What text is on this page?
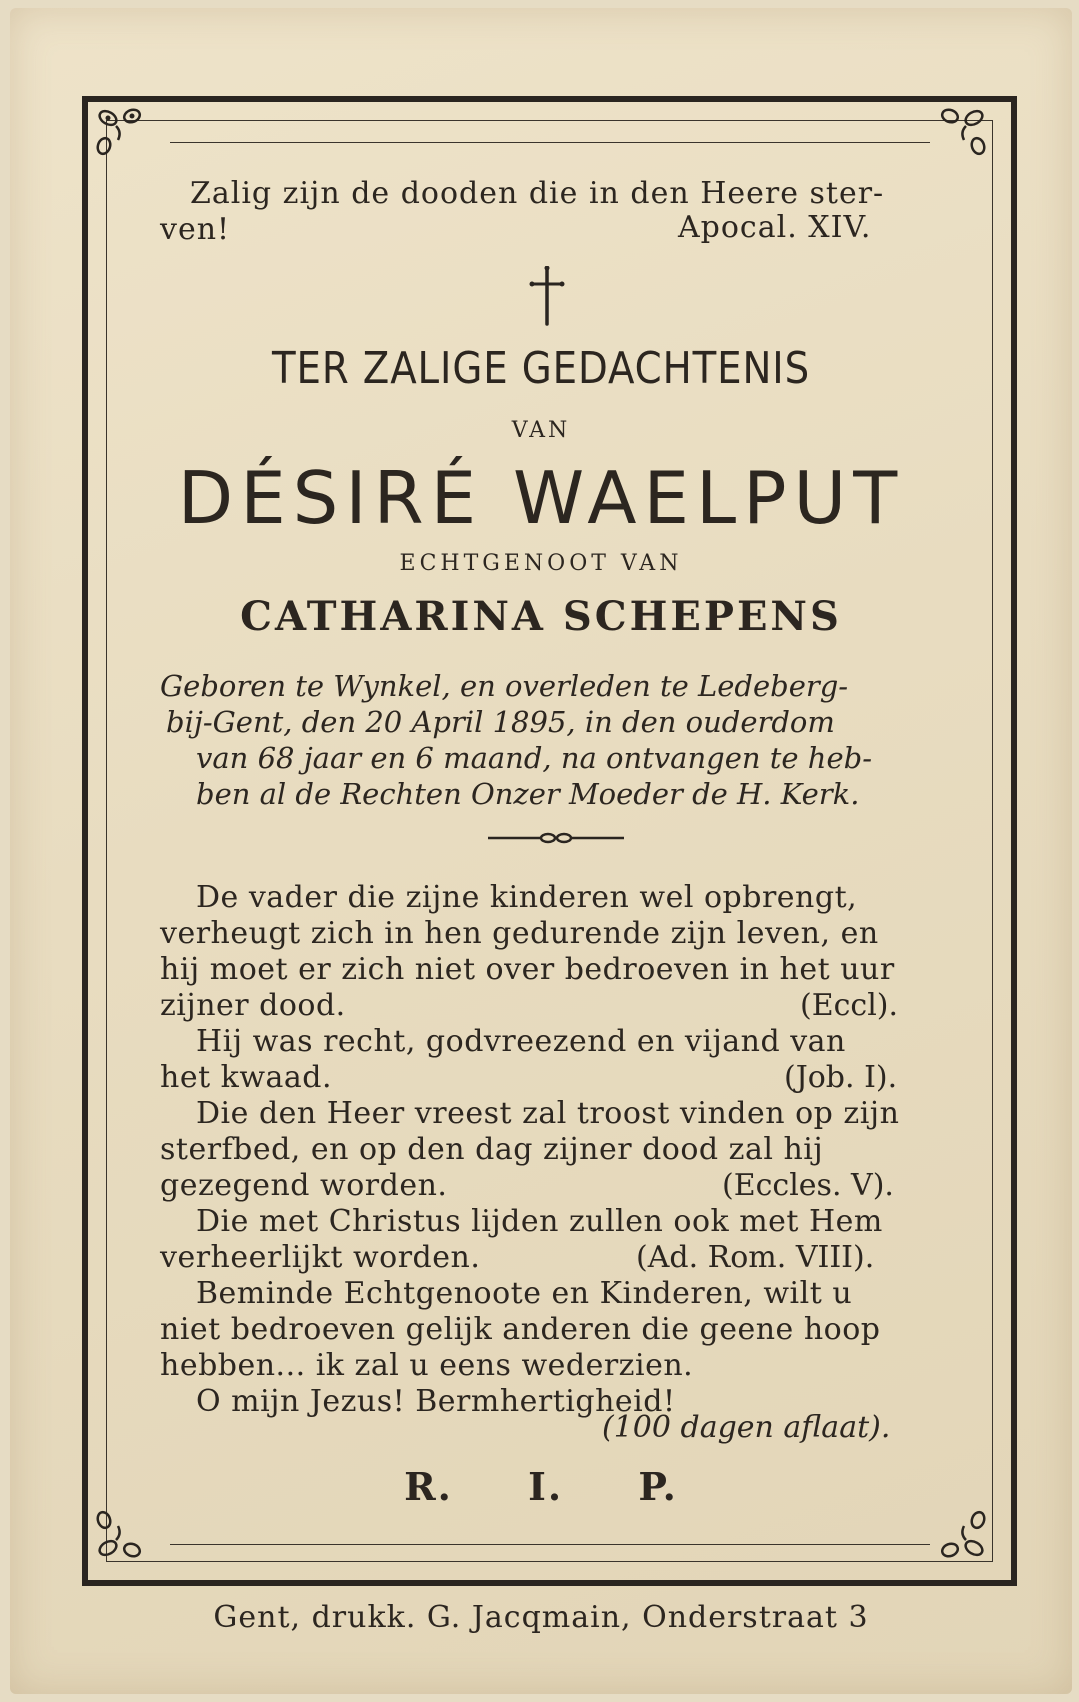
Zalig zijn de dooden die in den Heere ster-
ven!	Apocal. XIV.
TER ZALIGE GEDACHTENIS
VAN
DÉSIRÉ WAELPUT
ECHTGENOOT VAN
CATHARINA SCHEPENS
Geboren te Wynkel, en overleden te Ledeberg-
bij-Gent, den 20 April 1895, in den ouderdom
van 68 jaar en 6 maand, na ontvangen te heb-
ben al de Rechten Onzer Moeder de H. Kerk.
De vader die zijne kinderen wel opbrengt,
verheugt zich in hen gedurende zijn leven, en
hij moet er zich niet over bedroeven in het uur
zijner dood.	(Eccl).
Hij was recht, godvreezend en vijand van
het kwaad.	(Job. I).
Die den Heer vreest zal troost vinden op zijn
sterfbed, en op den dag zijner dood zal hij
gezegend worden.	(Eccles. V).
Die met Christus lijden zullen ook met Hem
verheerlijkt worden.	(Ad. Rom. VIII).
Beminde Echtgenoote en Kinderen, wilt u
niet bedroeven gelijk anderen die geene hoop
hebben... ik zal u eens wederzien.
O mijn Jezus! Bermhertigheid!
(100 dagen aflaat).
R. I. P.
Gent, drukk. G. Jacqmain, Onderstraat 3
